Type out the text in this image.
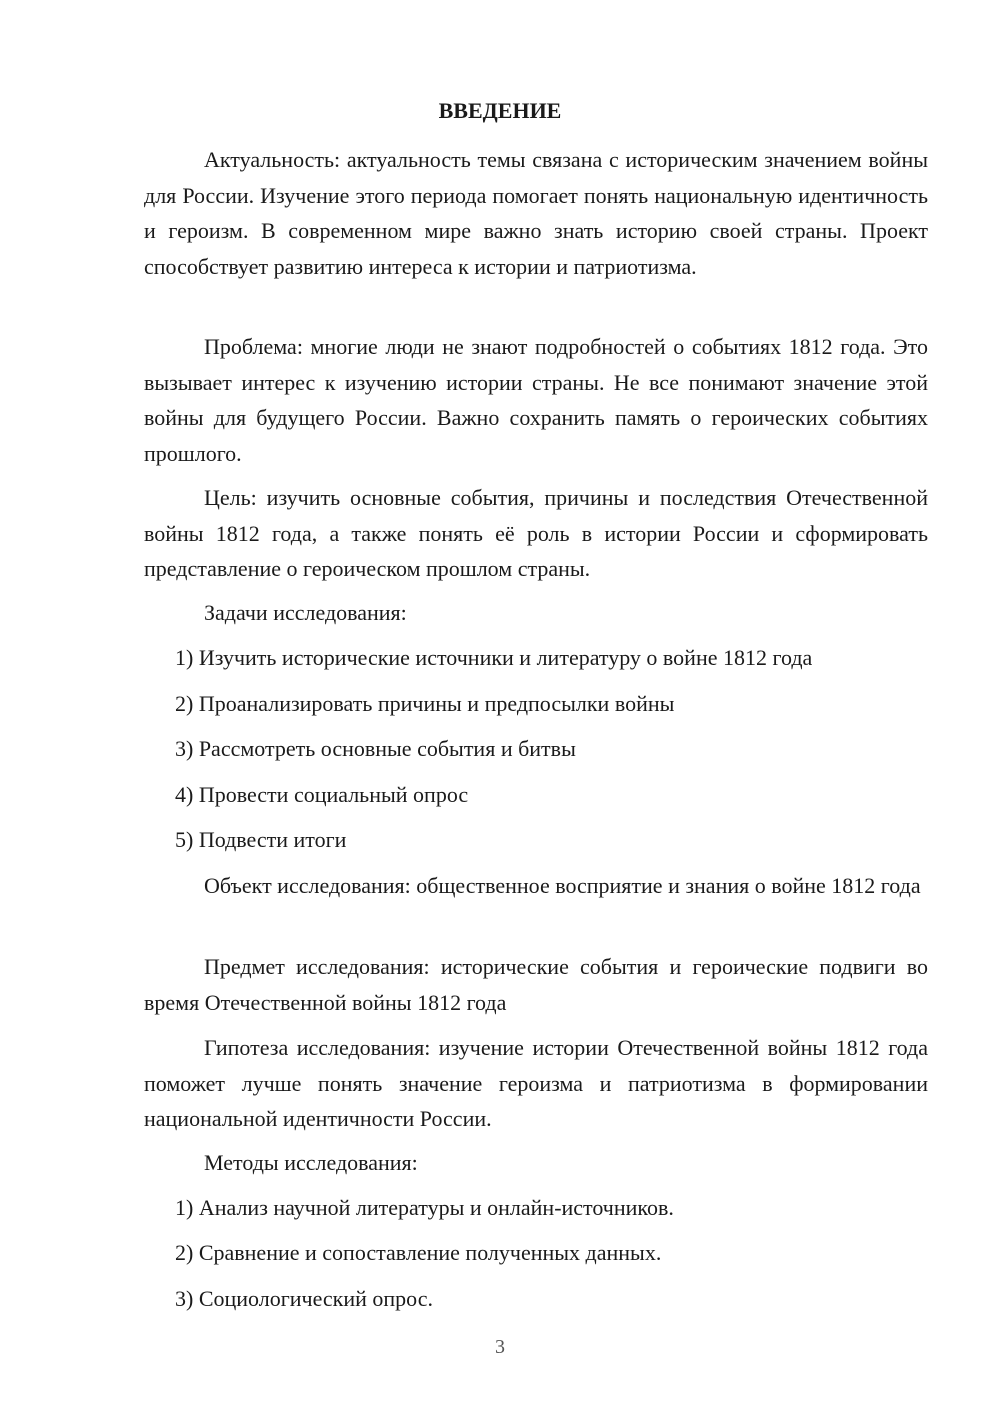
ВВЕДЕНИЕ

Актуальность: актуальность темы связана с историческим значением войны для России. Изучение этого периода помогает понять национальную идентичность и героизм. В современном мире важно знать историю своей страны. Проект способствует развитию интереса к истории и патриотизма.

Проблема: многие люди не знают подробностей о событиях 1812 года. Это вызывает интерес к изучению истории страны. Не все понимают значение этой войны для будущего России. Важно сохранить память о героических событиях прошлого.

Цель: изучить основные события, причины и последствия Отечественной войны 1812 года, а также понять её роль в истории России и сформировать представление о героическом прошлом страны.

Задачи исследования:

1) Изучить исторические источники и литературу о войне 1812 года

2) Проанализировать причины и предпосылки войны

3) Рассмотреть основные события и битвы

4) Провести социальный опрос

5) Подвести итоги

Объект исследования: общественное восприятие и знания о войне 1812 года

Предмет исследования: исторические события и героические подвиги во время Отечественной войны 1812 года

Гипотеза исследования: изучение истории Отечественной войны 1812 года поможет лучше понять значение героизма и патриотизма в формировании национальной идентичности России.

Методы исследования:

1) Анализ научной литературы и онлайн-источников.

2) Сравнение и сопоставление полученных данных.

3) Социологический опрос.

3
